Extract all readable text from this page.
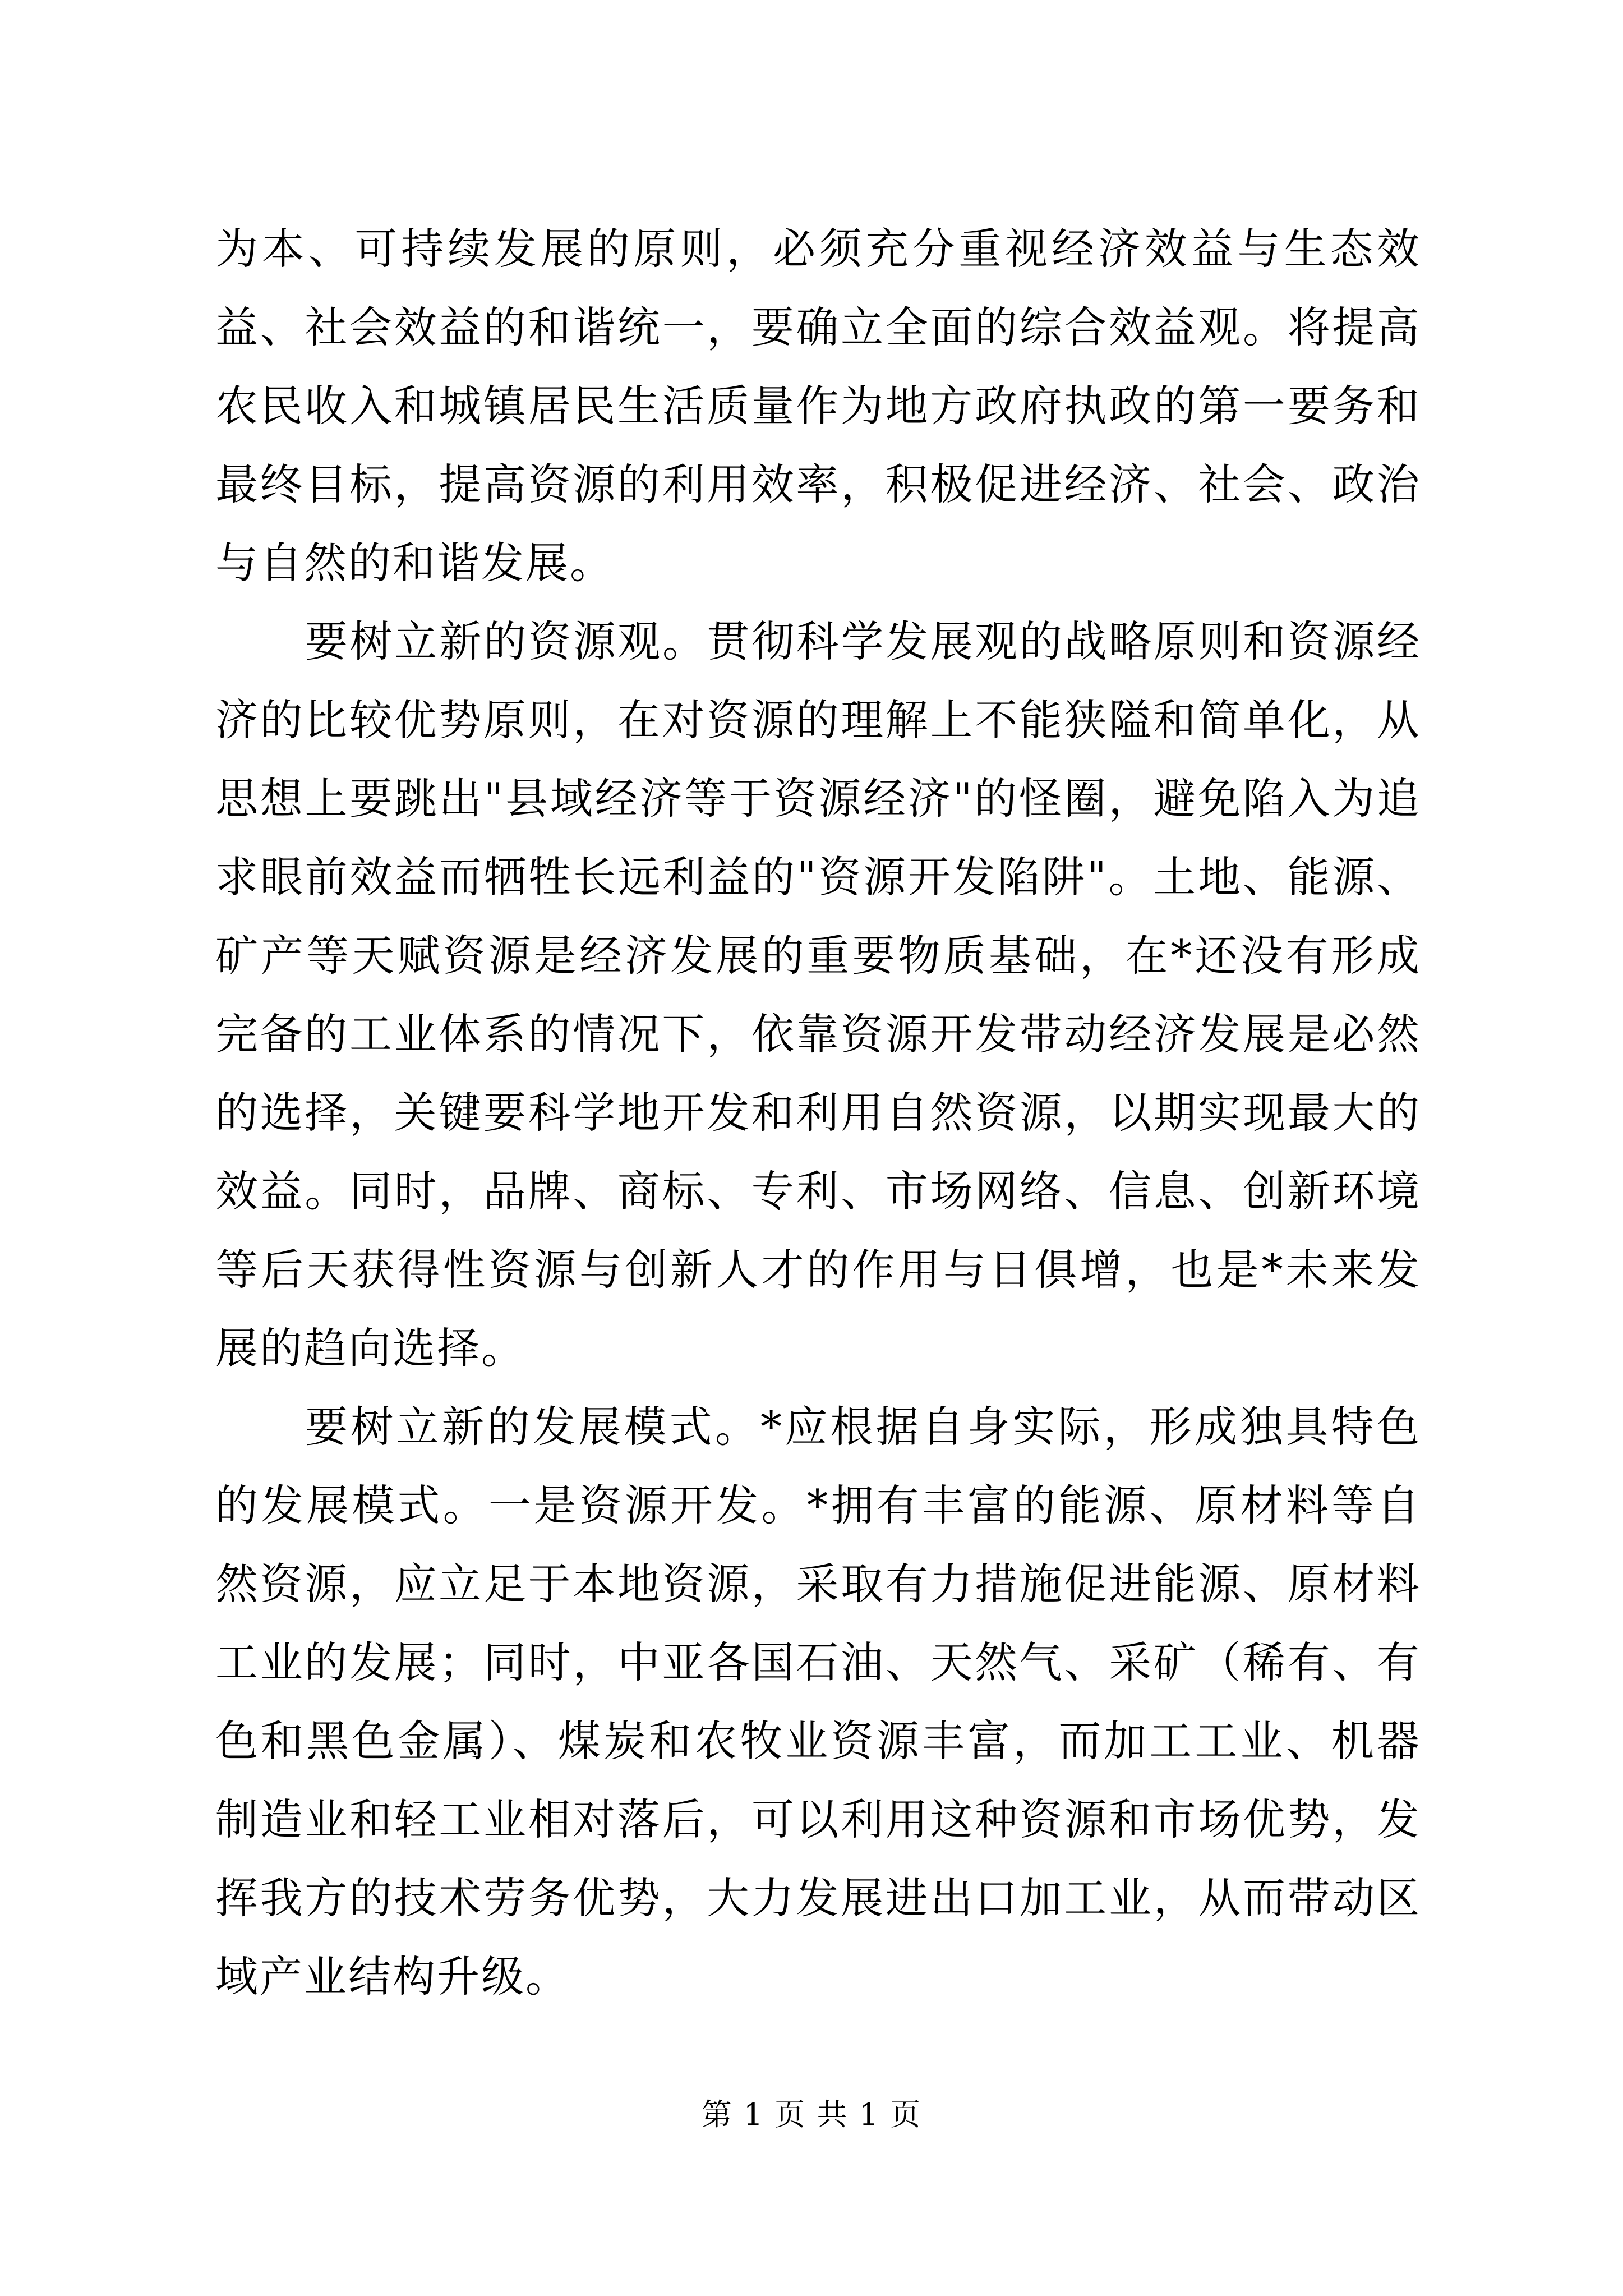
为本、可持续发展的原则，必须充分重视经济效益与生态效益、社会效益的和谐统一，要确立全面的综合效益观。将提高农民收入和城镇居民生活质量作为地方政府执政的第一要务和最终目标，提高资源的利用效率，积极促进经济、社会、政治与自然的和谐发展。

要树立新的资源观。贯彻科学发展观的战略原则和资源经济的比较优势原则，在对资源的理解上不能狭隘和简单化，从思想上要跳出"县域经济等于资源经济"的怪圈，避免陷入为追求眼前效益而牺牲长远利益的"资源开发陷阱"。土地、能源、矿产等天赋资源是经济发展的重要物质基础，在*还没有形成完备的工业体系的情况下，依靠资源开发带动经济发展是必然的选择，关键要科学地开发和利用自然资源，以期实现最大的效益。同时，品牌、商标、专利、市场网络、信息、创新环境等后天获得性资源与创新人才的作用与日俱增，也是*未来发展的趋向选择。

要树立新的发展模式。*应根据自身实际，形成独具特色的发展模式。一是资源开发。*拥有丰富的能源、原材料等自然资源，应立足于本地资源，采取有力措施促进能源、原材料工业的发展；同时，中亚各国石油、天然气、采矿（稀有、有色和黑色金属）、煤炭和农牧业资源丰富，而加工工业、机器制造业和轻工业相对落后，可以利用这种资源和市场优势，发挥我方的技术劳务优势，大力发展进出口加工业，从而带动区域产业结构升级。

第 1 页 共 1 页
